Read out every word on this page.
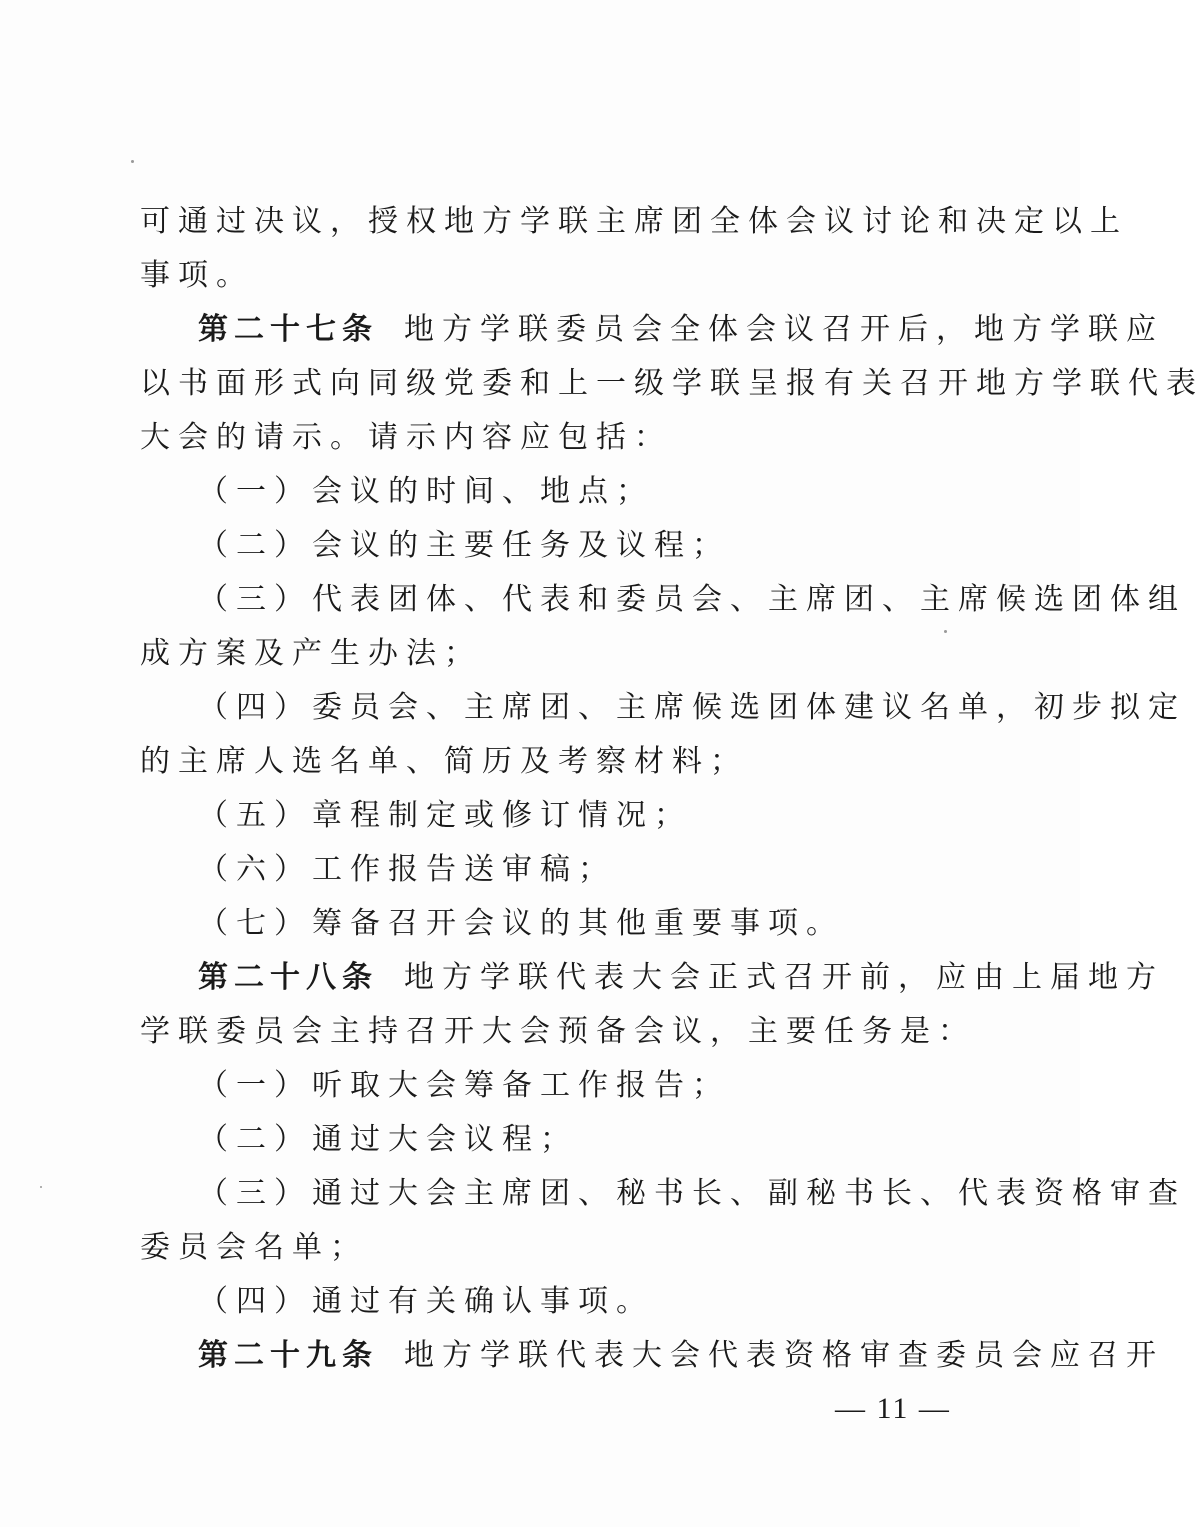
可通过决议，授权地方学联主席团全体会议讨论和决定以上
事项。
第二十七条 地方学联委员会全体会议召开后，地方学联应
以书面形式向同级党委和上一级学联呈报有关召开地方学联代表
大会的请示。请示内容应包括：
（一）会议的时间、地点；
（二）会议的主要任务及议程；
（三）代表团体、代表和委员会、主席团、主席候选团体组
成方案及产生办法；
（四）委员会、主席团、主席候选团体建议名单，初步拟定
的主席人选名单、简历及考察材料；
（五）章程制定或修订情况；
（六）工作报告送审稿；
（七）筹备召开会议的其他重要事项。
第二十八条 地方学联代表大会正式召开前，应由上届地方
学联委员会主持召开大会预备会议，主要任务是：
（一）听取大会筹备工作报告；
（二）通过大会议程；
（三）通过大会主席团、秘书长、副秘书长、代表资格审查
委员会名单；
（四）通过有关确认事项。
第二十九条 地方学联代表大会代表资格审查委员会应召开
— 11 —
